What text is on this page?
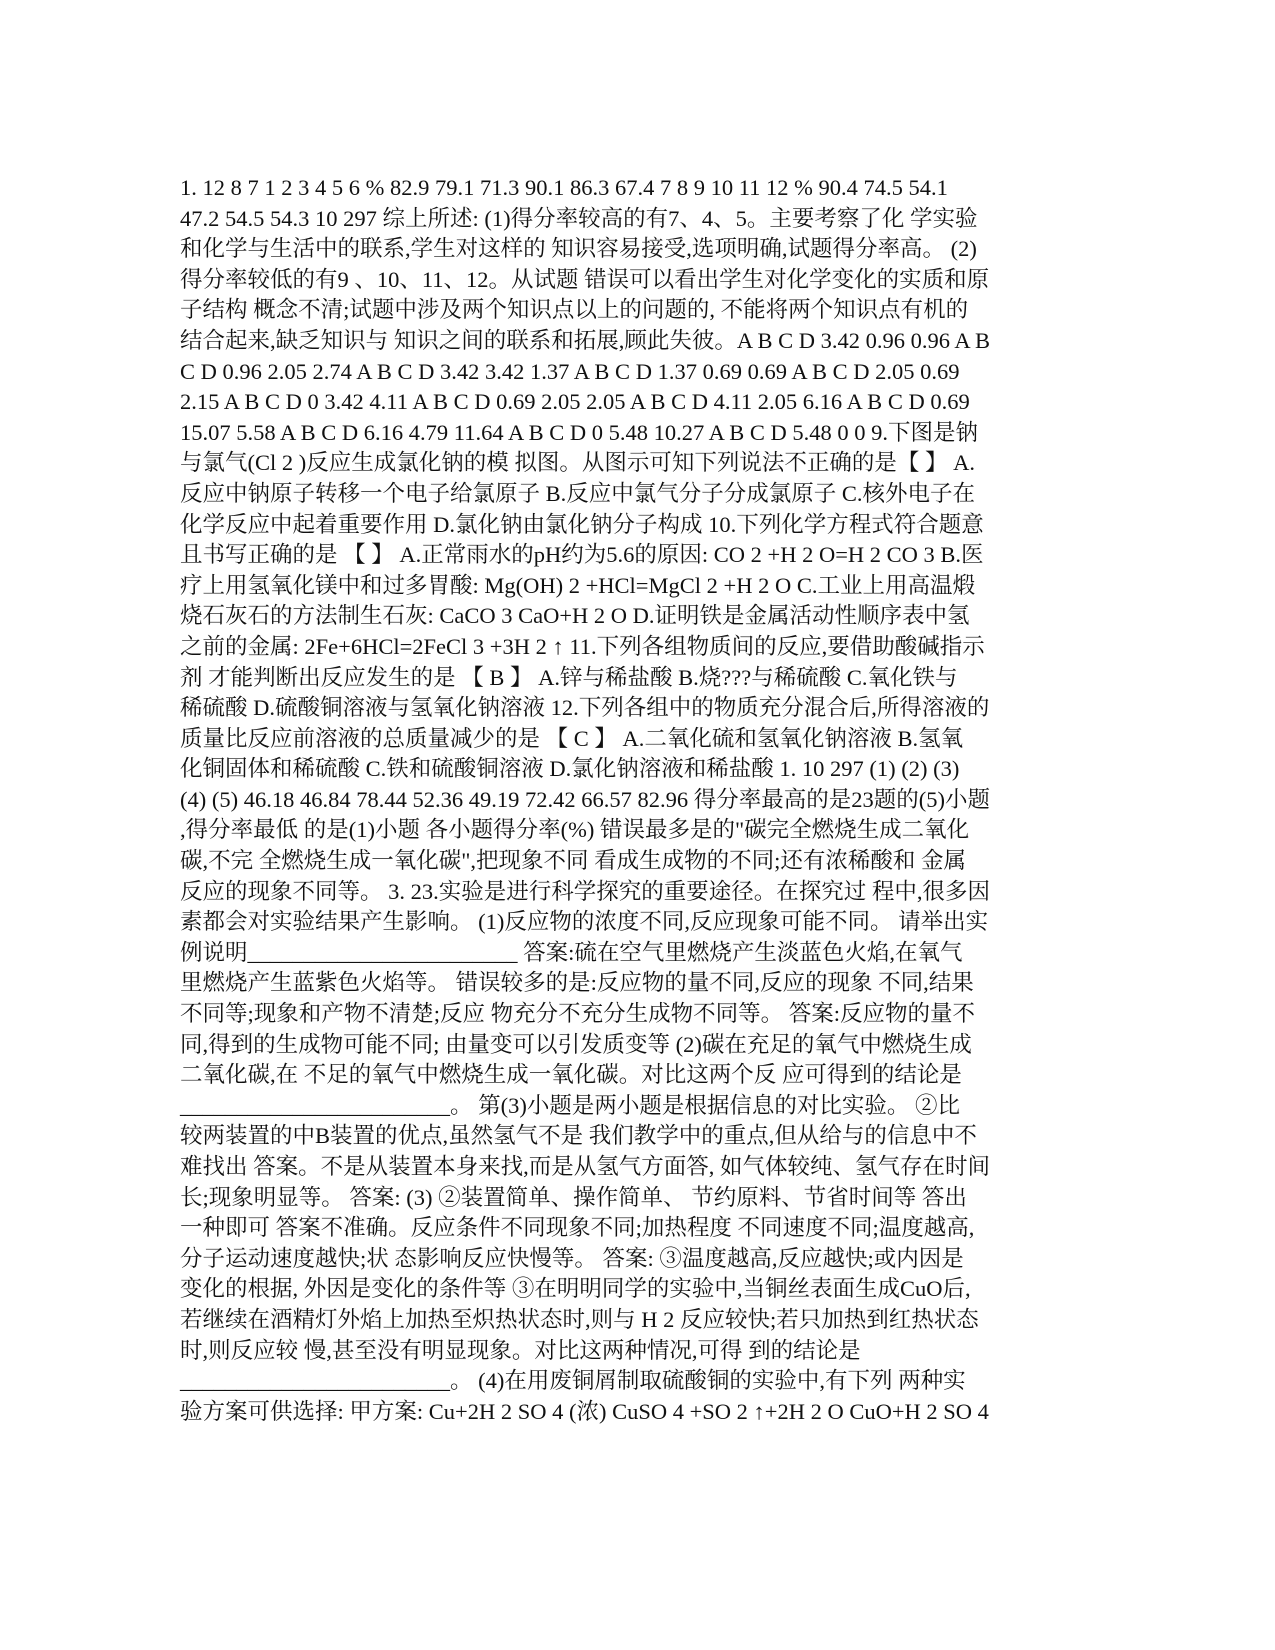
1. 12 8 7 1 2 3 4 5 6 % 82.9 79.1 71.3 90.1 86.3 67.4 7 8 9 10 11 12 % 90.4 74.5 54.1
47.2 54.5 54.3 10 297 综上所述: (1)得分率较高的有7、4、5。主要考察了化 学实验
和化学与生活中的联系,学生对这样的 知识容易接受,选项明确,试题得分率高。 (2)
得分率较低的有9 、10、11、12。从试题 错误可以看出学生对化学变化的实质和原
子结构 概念不清;试题中涉及两个知识点以上的问题的, 不能将两个知识点有机的
结合起来,缺乏知识与 知识之间的联系和拓展,顾此失彼。A B C D 3.42 0.96 0.96 A B
C D 0.96 2.05 2.74 A B C D 3.42 3.42 1.37 A B C D 1.37 0.69 0.69 A B C D 2.05 0.69
2.15 A B C D 0 3.42 4.11 A B C D 0.69 2.05 2.05 A B C D 4.11 2.05 6.16 A B C D 0.69
15.07 5.58 A B C D 6.16 4.79 11.64 A B C D 0 5.48 10.27 A B C D 5.48 0 0 9.下图是钠
与氯气(Cl 2 )反应生成氯化钠的模 拟图。从图示可知下列说法不正确的是【 】 A.
反应中钠原子转移一个电子给氯原子 B.反应中氯气分子分成氯原子 C.核外电子在
化学反应中起着重要作用 D.氯化钠由氯化钠分子构成 10.下列化学方程式符合题意
且书写正确的是 【 】 A.正常雨水的pH约为5.6的原因: CO 2 +H 2 O=H 2 CO 3 B.医
疗上用氢氧化镁中和过多胃酸: Mg(OH) 2 +HCl=MgCl 2 +H 2 O C.工业上用高温煅
烧石灰石的方法制生石灰: CaCO 3 CaO+H 2 O D.证明铁是金属活动性顺序表中氢
之前的金属: 2Fe+6HCl=2FeCl 3 +3H 2 ↑ 11.下列各组物质间的反应,要借助酸碱指示
剂 才能判断出反应发生的是 【 B 】 A.锌与稀盐酸 B.烧???与稀硫酸 C.氧化铁与
稀硫酸 D.硫酸铜溶液与氢氧化钠溶液 12.下列各组中的物质充分混合后,所得溶液的
质量比反应前溶液的总质量减少的是 【 C 】 A.二氧化硫和氢氧化钠溶液 B.氢氧
化铜固体和稀硫酸 C.铁和硫酸铜溶液 D.氯化钠溶液和稀盐酸 1. 10 297 (1) (2) (3)
(4) (5) 46.18 46.84 78.44 52.36 49.19 72.42 66.57 82.96 得分率最高的是23题的(5)小题
,得分率最低 的是(1)小题 各小题得分率(%) 错误最多是的"碳完全燃烧生成二氧化
碳,不完 全燃烧生成一氧化碳",把现象不同 看成生成物的不同;还有浓稀酸和 金属
反应的现象不同等。 3. 23.实验是进行科学探究的重要途径。在探究过 程中,很多因
素都会对实验结果产生影响。 (1)反应物的浓度不同,反应现象可能不同。 请举出实
例说明________________________ 答案:硫在空气里燃烧产生淡蓝色火焰,在氧气
里燃烧产生蓝紫色火焰等。 错误较多的是:反应物的量不同,反应的现象 不同,结果
不同等;现象和产物不清楚;反应 物充分不充分生成物不同等。 答案:反应物的量不
同,得到的生成物可能不同; 由量变可以引发质变等 (2)碳在充足的氧气中燃烧生成
二氧化碳,在 不足的氧气中燃烧生成一氧化碳。对比这两个反 应可得到的结论是
________________________。 第(3)小题是两小题是根据信息的对比实验。 ②比
较两装置的中B装置的优点,虽然氢气不是 我们教学中的重点,但从给与的信息中不
难找出 答案。不是从装置本身来找,而是从氢气方面答, 如气体较纯、氢气存在时间
长;现象明显等。 答案: (3) ②装置简单、操作简单、 节约原料、节省时间等 答出
一种即可 答案不准确。反应条件不同现象不同;加热程度 不同速度不同;温度越高,
分子运动速度越快;状 态影响反应快慢等。 答案: ③温度越高,反应越快;或内因是
变化的根据, 外因是变化的条件等 ③在明明同学的实验中,当铜丝表面生成CuO后,
若继续在酒精灯外焰上加热至炽热状态时,则与 H 2 反应较快;若只加热到红热状态
时,则反应较 慢,甚至没有明显现象。对比这两种情况,可得 到的结论是
________________________。 (4)在用废铜屑制取硫酸铜的实验中,有下列 两种实
验方案可供选择: 甲方案: Cu+2H 2 SO 4 (浓) CuSO 4 +SO 2 ↑+2H 2 O CuO+H 2 SO 4
